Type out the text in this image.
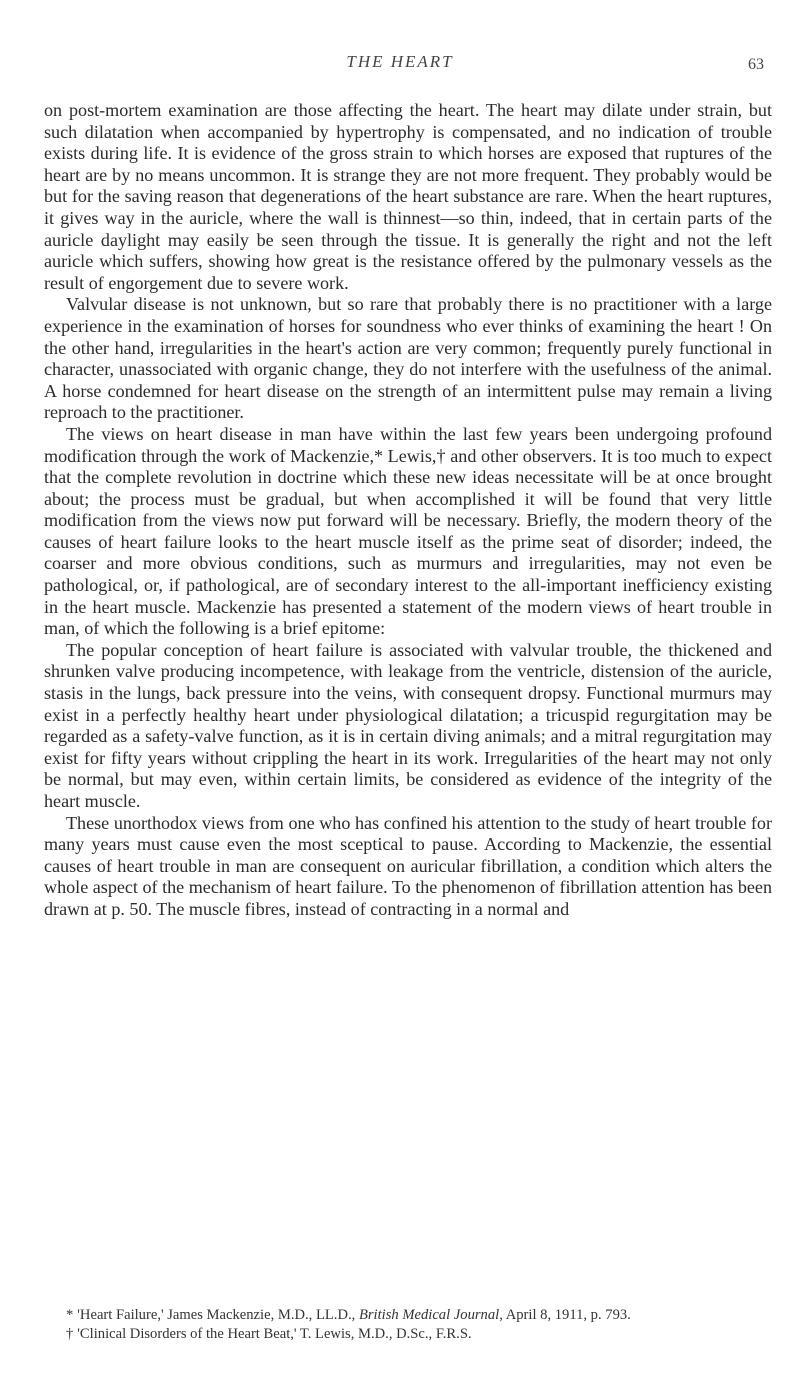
THE HEART	63

on post-mortem examination are those affecting the heart. The heart may dilate under strain, but such dilatation when accompanied by hypertrophy is compensated, and no indication of trouble exists during life. It is evidence of the gross strain to which horses are exposed that ruptures of the heart are by no means uncommon. It is strange they are not more frequent. They probably would be but for the saving reason that degenerations of the heart substance are rare. When the heart ruptures, it gives way in the auricle, where the wall is thinnest—so thin, indeed, that in certain parts of the auricle daylight may easily be seen through the tissue. It is generally the right and not the left auricle which suffers, showing how great is the resistance offered by the pulmonary vessels as the result of engorgement due to severe work.

Valvular disease is not unknown, but so rare that probably there is no practitioner with a large experience in the examination of horses for soundness who ever thinks of examining the heart ! On the other hand, irregularities in the heart's action are very common; frequently purely functional in character, unassociated with organic change, they do not interfere with the usefulness of the animal. A horse condemned for heart disease on the strength of an intermittent pulse may remain a living reproach to the practitioner.

The views on heart disease in man have within the last few years been undergoing profound modification through the work of Mackenzie,* Lewis,† and other observers. It is too much to expect that the complete revolution in doctrine which these new ideas necessitate will be at once brought about; the process must be gradual, but when accomplished it will be found that very little modification from the views now put forward will be necessary. Briefly, the modern theory of the causes of heart failure looks to the heart muscle itself as the prime seat of disorder; indeed, the coarser and more obvious conditions, such as murmurs and irregularities, may not even be pathological, or, if pathological, are of secondary interest to the all-important inefficiency existing in the heart muscle. Mackenzie has presented a statement of the modern views of heart trouble in man, of which the following is a brief epitome:

The popular conception of heart failure is associated with valvular trouble, the thickened and shrunken valve producing incompetence, with leakage from the ventricle, distension of the auricle, stasis in the lungs, back pressure into the veins, with consequent dropsy. Functional murmurs may exist in a perfectly healthy heart under physiological dilatation; a tricuspid regurgitation may be regarded as a safety-valve function, as it is in certain diving animals; and a mitral regurgitation may exist for fifty years without crippling the heart in its work. Irregularities of the heart may not only be normal, but may even, within certain limits, be considered as evidence of the integrity of the heart muscle.

These unorthodox views from one who has confined his attention to the study of heart trouble for many years must cause even the most sceptical to pause. According to Mackenzie, the essential causes of heart trouble in man are consequent on auricular fibrillation, a condition which alters the whole aspect of the mechanism of heart failure. To the phenomenon of fibrillation attention has been drawn at p. 50. The muscle fibres, instead of contracting in a normal and

* 'Heart Failure,' James Mackenzie, M.D., LL.D., British Medical Journal, April 8, 1911, p. 793.

† 'Clinical Disorders of the Heart Beat,' T. Lewis, M.D., D.Sc., F.R.S.
